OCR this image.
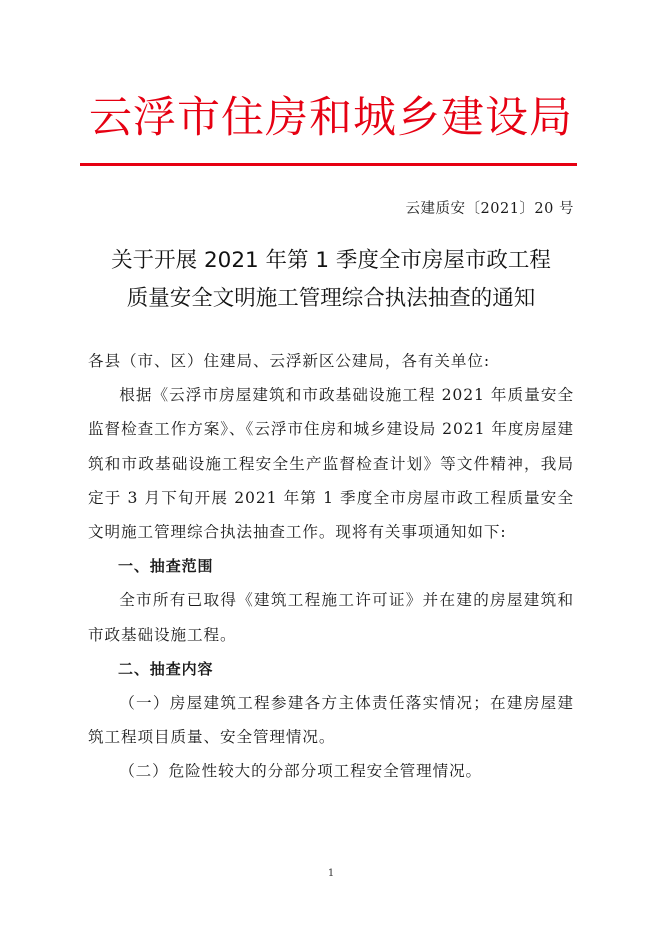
云浮市住房和城乡建设局
云建质安〔2021〕20 号
关于开展 2021 年第 1 季度全市房屋市政工程
质量安全文明施工管理综合执法抽查的通知

各县（市、区）住建局、云浮新区公建局，各有关单位:

根据《云浮市房屋建筑和市政基础设施工程 2021 年质量安全监督检查工作方案》、《云浮市住房和城乡建设局 2021 年度房屋建筑和市政基础设施工程安全生产监督检查计划》等文件精神，我局定于 3 月下旬开展 2021 年第 1 季度全市房屋市政工程质量安全文明施工管理综合执法抽查工作。现将有关事项通知如下:

一、抽查范围

全市所有已取得《建筑工程施工许可证》并在建的房屋建筑和市政基础设施工程。

二、抽查内容

（一）房屋建筑工程参建各方主体责任落实情况；在建房屋建筑工程项目质量、安全管理情况。

（二）危险性较大的分部分项工程安全管理情况。

1
